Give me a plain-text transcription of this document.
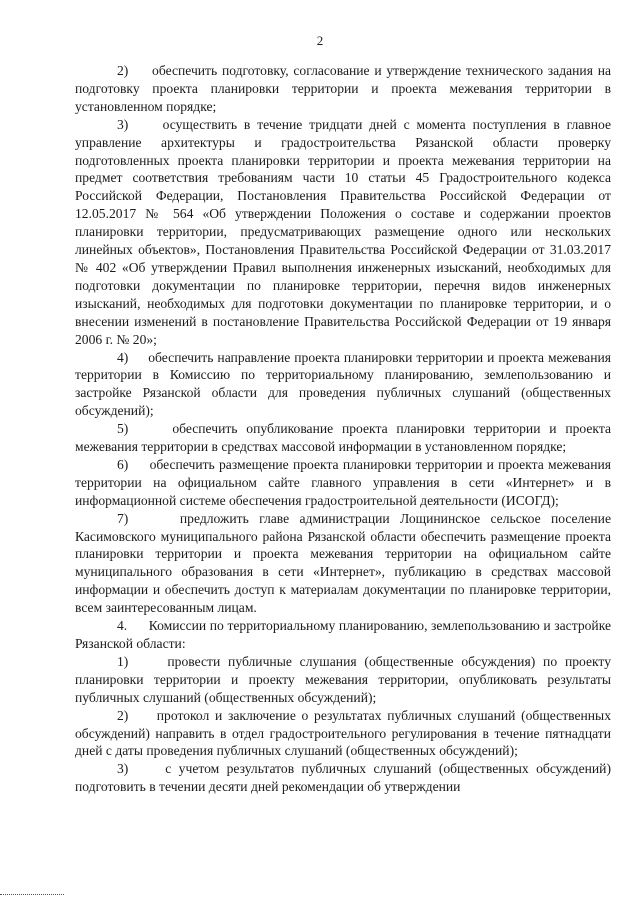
2

2)     обеспечить подготовку, согласование и утверждение технического задания на подготовку проекта планировки территории и проекта межевания территории в установленном порядке;

3)     осуществить в течение тридцати дней с момента поступления в главное управление архитектуры и градостроительства Рязанской области проверку подготовленных проекта планировки территории и проекта межевания территории на предмет соответствия требованиям части 10 статьи 45 Градостроительного кодекса Российской Федерации, Постановления Правительства Российской Федерации от 12.05.2017 № 564 «Об утверждении Положения о составе и содержании проектов планировки территории, предусматривающих размещение одного или нескольких линейных объектов», Постановления Правительства Российской Федерации от 31.03.2017 № 402 «Об утверждении Правил выполнения инженерных изысканий, необходимых для подготовки документации по планировке территории, перечня видов инженерных изысканий, необходимых для подготовки документации по планировке территории, и о внесении изменений в постановление Правительства Российской Федерации от 19 января 2006 г. № 20»;

4)     обеспечить направление проекта планировки территории и проекта межевания территории в Комиссию по территориальному планированию, землепользованию и застройке Рязанской области для проведения публичных слушаний (общественных обсуждений);

5)     обеспечить опубликование проекта планировки территории и проекта межевания территории в средствах массовой информации в установленном порядке;

6)     обеспечить размещение проекта планировки территории и проекта межевания территории на официальном сайте главного управления в сети «Интернет» и в информационной системе обеспечения градостроительной деятельности (ИСОГД);

7)     предложить главе администрации Лощининское сельское поселение Касимовского муниципального района Рязанской области обеспечить размещение проекта планировки территории и проекта межевания территории на официальном сайте муниципального образования в сети «Интернет», публикацию в средствах массовой информации и обеспечить доступ к материалам документации по планировке территории, всем заинтересованным лицам.

4.      Комиссии по территориальному планированию, землепользованию и застройке Рязанской области:

1)     провести публичные слушания (общественные обсуждения) по проекту планировки территории и проекту межевания территории, опубликовать результаты публичных слушаний (общественных обсуждений);

2)     протокол и заключение о результатах публичных слушаний (общественных обсуждений) направить в отдел градостроительного регулирования в течение пятнадцати дней с даты проведения публичных слушаний (общественных обсуждений);

3)     с учетом результатов публичных слушаний (общественных обсуждений) подготовить в течении десяти дней рекомендации об утверждении
